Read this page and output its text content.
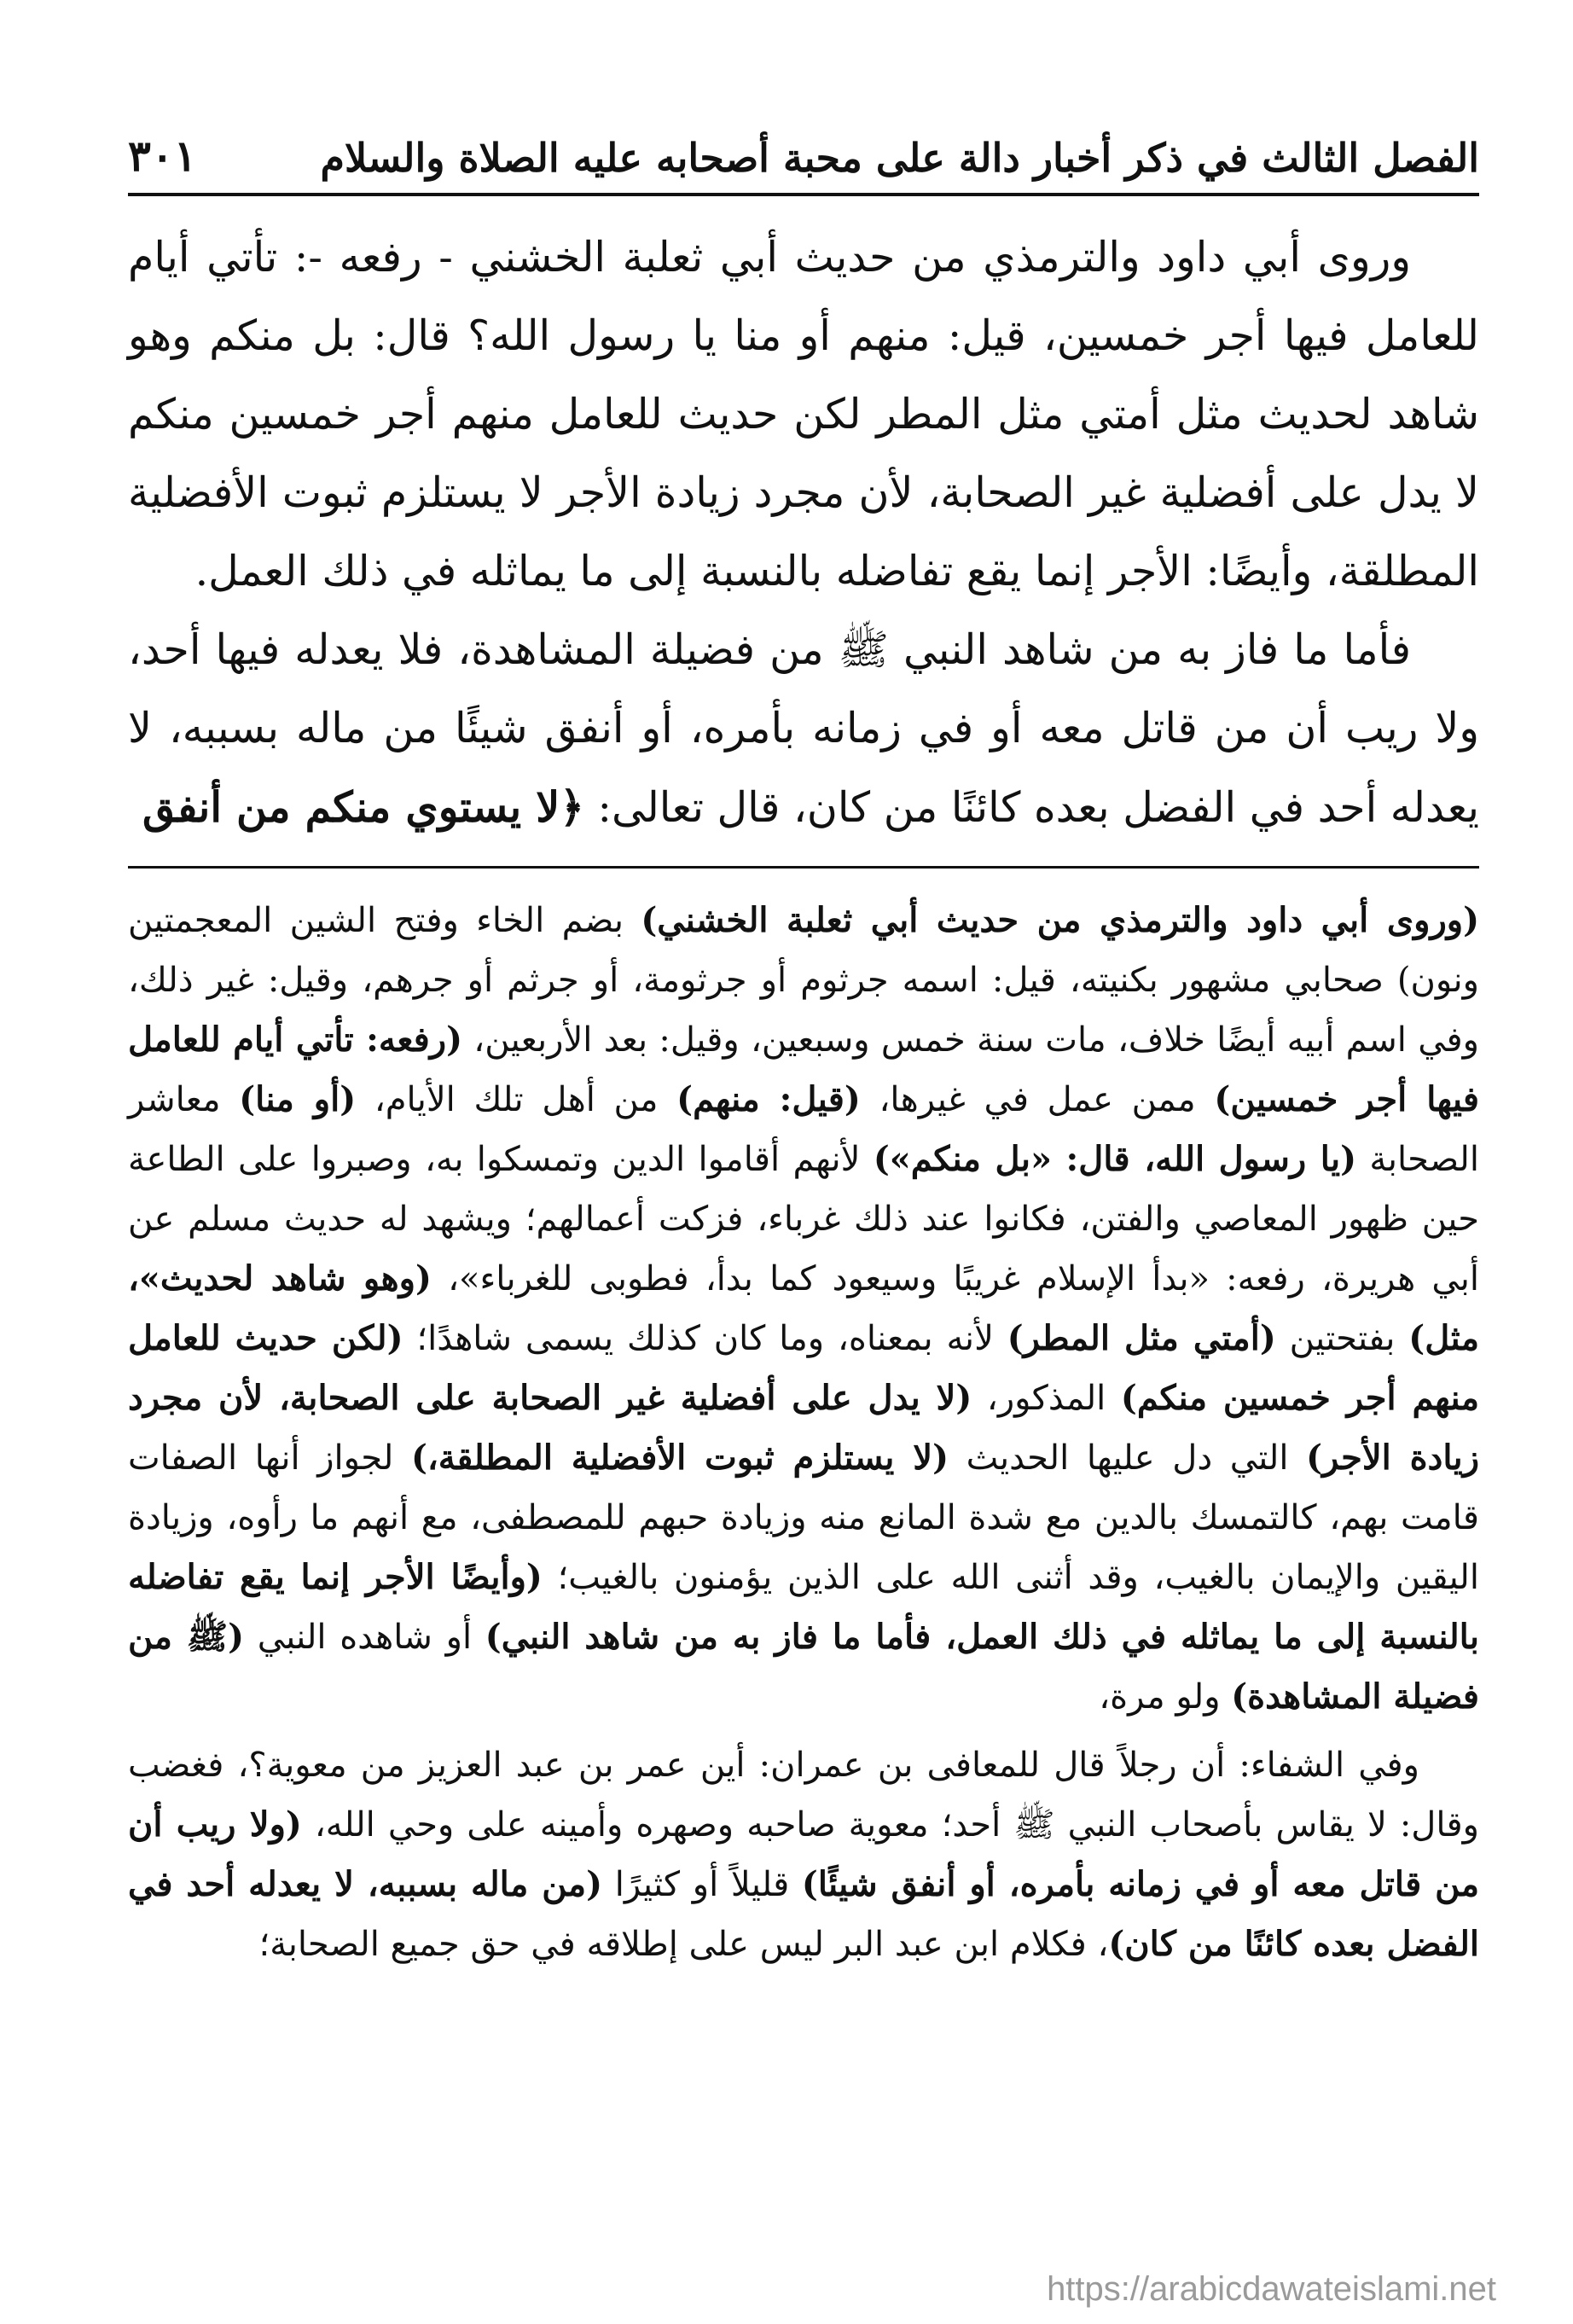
الفصل الثالث في ذكر أخبار دالة على محبة أصحابه عليه الصلاة والسلام
٣٠١

وروى أبي داود والترمذي من حديث أبي ثعلبة الخشني - رفعه -: تأتي أيام للعامل فيها أجر خمسين، قيل: منهم أو منا يا رسول الله؟ قال: بل منكم وهو شاهد لحديث مثل أمتي مثل المطر لكن حديث للعامل منهم أجر خمسين منكم لا يدل على أفضلية غير الصحابة، لأن مجرد زيادة الأجر لا يستلزم ثبوت الأفضلية المطلقة، وأيضًا: الأجر إنما يقع تفاضله بالنسبة إلى ما يماثله في ذلك العمل.

فأما ما فاز به من شاهد النبي ﷺ من فضيلة المشاهدة، فلا يعدله فيها أحد، ولا ريب أن من قاتل معه أو في زمانه بأمره، أو أنفق شيئًا من ماله بسببه، لا يعدله أحد في الفضل بعده كائنًا من كان، قال تعالى: ﴿لا يستوي منكم من أنفق

(وروى أبي داود والترمذي من حديث أبي ثعلبة الخشني) بضم الخاء وفتح الشين المعجمتين ونون) صحابي مشهور بكنيته، قيل: اسمه جرثوم أو جرثومة، أو جرثم أو جرهم، وقيل: غير ذلك، وفي اسم أبيه أيضًا خلاف، مات سنة خمس وسبعين، وقيل: بعد الأربعين، (رفعه: تأتي أيام للعامل فيها أجر خمسين) ممن عمل في غيرها، (قيل: منهم) من أهل تلك الأيام، (أو منا) معاشر الصحابة (يا رسول الله، قال: «بل منكم») لأنهم أقاموا الدين وتمسكوا به، وصبروا على الطاعة حين ظهور المعاصي والفتن، فكانوا عند ذلك غرباء، فزكت أعمالهم؛ ويشهد له حديث مسلم عن أبي هريرة، رفعه: «بدأ الإسلام غريبًا وسيعود كما بدأ، فطوبى للغرباء»، (وهو شاهد لحديث»، مثل) بفتحتين (أمتي مثل المطر) لأنه بمعناه، وما كان كذلك يسمى شاهدًا؛ (لكن حديث للعامل منهم أجر خمسين منكم) المذكور، (لا يدل على أفضلية غير الصحابة على الصحابة، لأن مجرد زيادة الأجر) التي دل عليها الحديث (لا يستلزم ثبوت الأفضلية المطلقة،) لجواز أنها الصفات قامت بهم، كالتمسك بالدين مع شدة المانع منه وزيادة حبهم للمصطفى، مع أنهم ما رأوه، وزيادة اليقين والإيمان بالغيب، وقد أثنى الله على الذين يؤمنون بالغيب؛ (وأيضًا الأجر إنما يقع تفاضله بالنسبة إلى ما يماثله في ذلك العمل، فأما ما فاز به من شاهد النبي) أو شاهده النبي (ﷺ من فضيلة المشاهدة) ولو مرة،

وفي الشفاء: أن رجلاً قال للمعافى بن عمران: أين عمر بن عبد العزيز من معوية؟، فغضب وقال: لا يقاس بأصحاب النبي ﷺ أحد؛ معوية صاحبه وصهره وأمينه على وحي الله، (ولا ريب أن من قاتل معه أو في زمانه بأمره، أو أنفق شيئًا) قليلاً أو كثيرًا (من ماله بسببه، لا يعدله أحد في الفضل بعده كائنًا من كان)، فكلام ابن عبد البر ليس على إطلاقه في حق جميع الصحابة؛

https://arabicdawateislami.net
